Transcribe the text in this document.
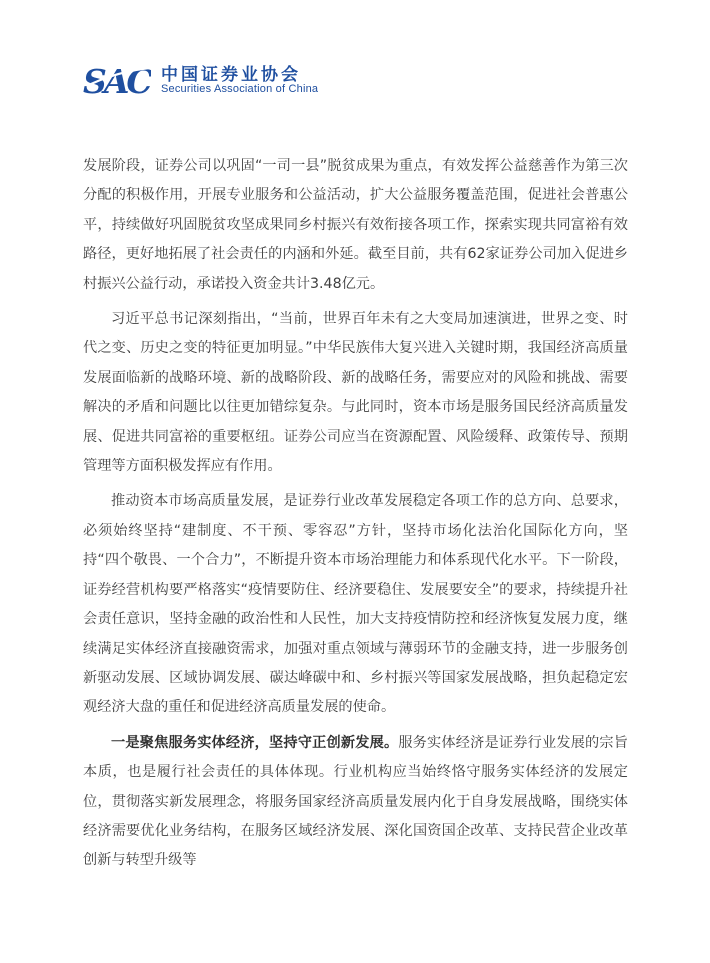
SAC 中国证券业协会
Securities Association of China

发展阶段，证券公司以巩固“一司一县”脱贫成果为重点，有效发挥公益慈善作为第三次分配的积极作用，开展专业服务和公益活动，扩大公益服务覆盖范围，促进社会普惠公平，持续做好巩固脱贫攻坚成果同乡村振兴有效衔接各项工作，探索实现共同富裕有效路径，更好地拓展了社会责任的内涵和外延。截至目前，共有62家证券公司加入促进乡村振兴公益行动，承诺投入资金共计3.48亿元。

习近平总书记深刻指出，“当前，世界百年未有之大变局加速演进，世界之变、时代之变、历史之变的特征更加明显。”中华民族伟大复兴进入关键时期，我国经济高质量发展面临新的战略环境、新的战略阶段、新的战略任务，需要应对的风险和挑战、需要解决的矛盾和问题比以往更加错综复杂。与此同时，资本市场是服务国民经济高质量发展、促进共同富裕的重要枢纽。证券公司应当在资源配置、风险缓释、政策传导、预期管理等方面积极发挥应有作用。

推动资本市场高质量发展，是证券行业改革发展稳定各项工作的总方向、总要求，必须始终坚持“建制度、不干预、零容忍”方针，坚持市场化法治化国际化方向，坚持“四个敬畏、一个合力”，不断提升资本市场治理能力和体系现代化水平。下一阶段，证券经营机构要严格落实“疫情要防住、经济要稳住、发展要安全”的要求，持续提升社会责任意识，坚持金融的政治性和人民性，加大支持疫情防控和经济恢复发展力度，继续满足实体经济直接融资需求，加强对重点领域与薄弱环节的金融支持，进一步服务创新驱动发展、区域协调发展、碳达峰碳中和、乡村振兴等国家发展战略，担负起稳定宏观经济大盘的重任和促进经济高质量发展的使命。

一是聚焦服务实体经济，坚持守正创新发展。服务实体经济是证券行业发展的宗旨本质，也是履行社会责任的具体体现。行业机构应当始终恪守服务实体经济的发展定位，贯彻落实新发展理念，将服务国家经济高质量发展内化于自身发展战略，围绕实体经济需要优化业务结构，在服务区域经济发展、深化国资国企改革、支持民营企业改革创新与转型升级等
